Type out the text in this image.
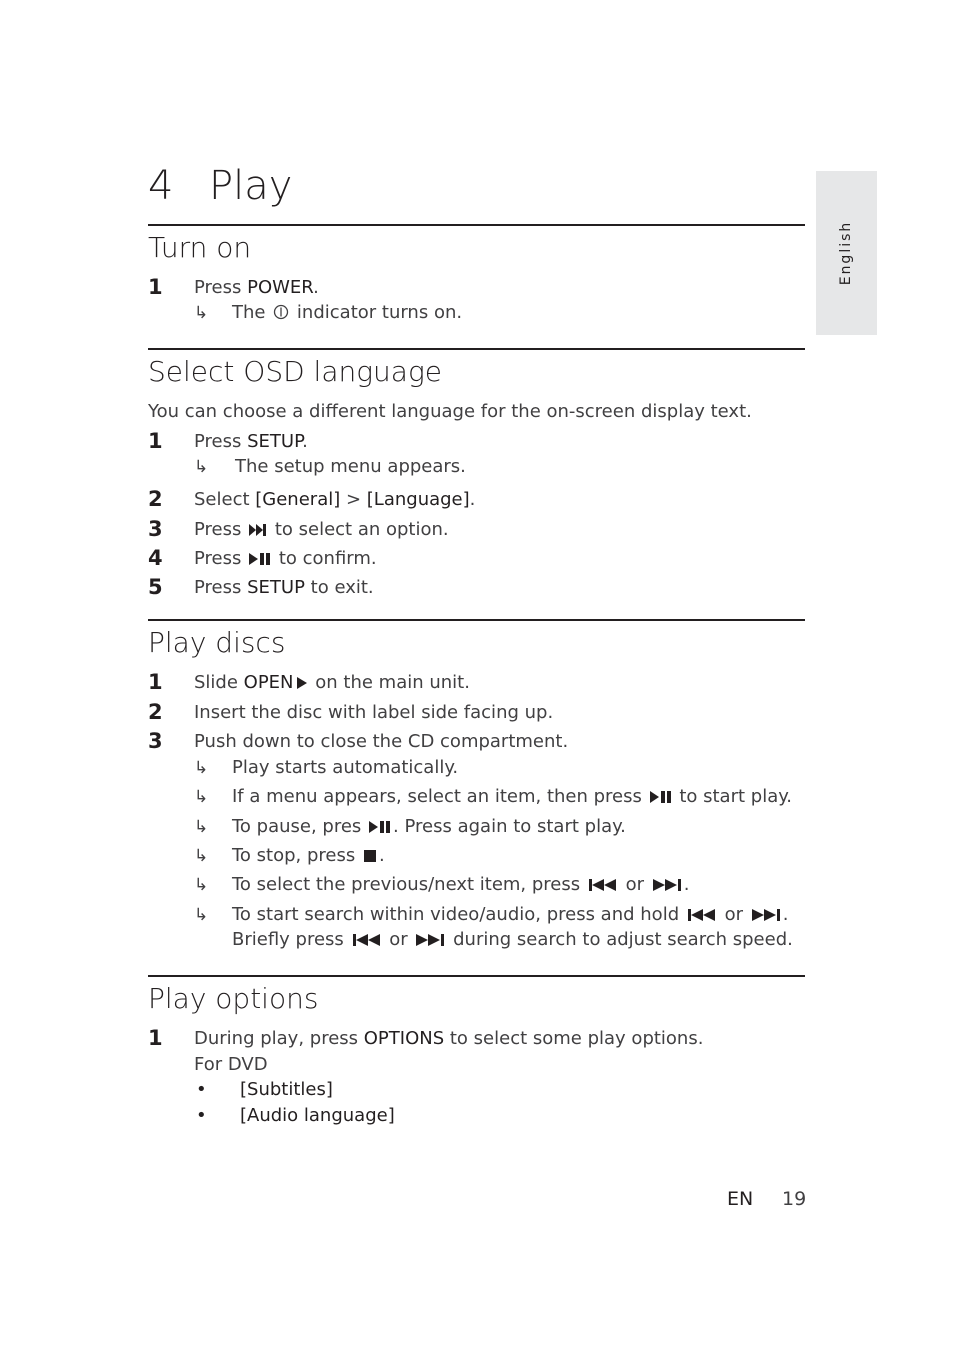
English
4 Play
Turn on
1 Press POWER.
↳ The  indicator turns on.
Select OSD language
You can choose a different language for the on-screen display text.
1 Press SETUP.
↳ The setup menu appears.
2 Select [General] > [Language].
3 Press  to select an option.
4 Press  to confirm.
5 Press SETUP to exit.
Play discs
1 Slide OPEN on the main unit.
2 Insert the disc with label side facing up.
3 Push down to close the CD compartment.
↳ Play starts automatically.
↳ If a menu appears, select an item, then press  to start play.
↳ To pause, pres . Press again to start play.
↳ To stop, press .
↳ To select the previous/next item, press  or .
↳ To start search within video/audio, press and hold  or .
Briefly press  or  during search to adjust search speed.
Play options
1 During play, press OPTIONS to select some play options.
For DVD
• [Subtitles]
• [Audio language]
EN 19
